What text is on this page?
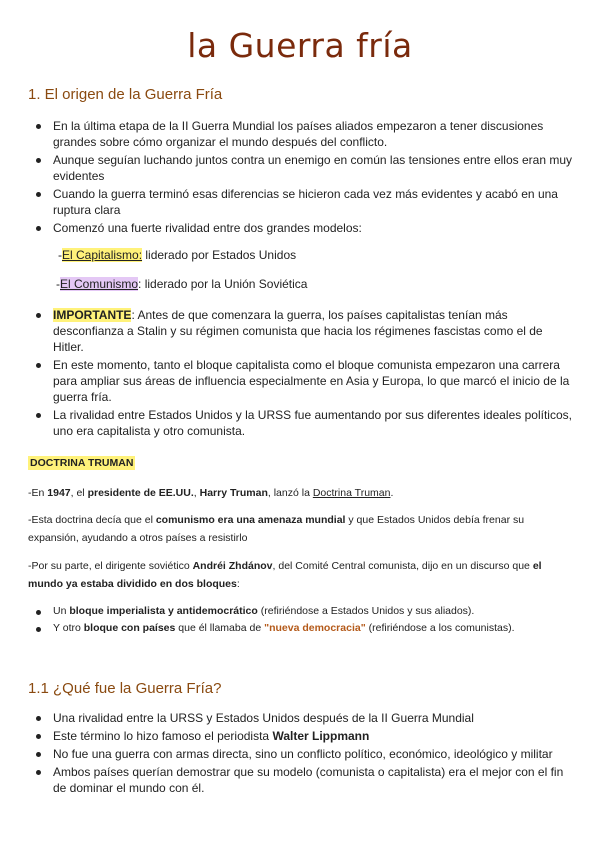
la Guerra fría
1. El origen de la Guerra Fría
En la última etapa de la II Guerra Mundial los países aliados empezaron a tener discusiones grandes sobre cómo organizar el mundo después del conflicto.
Aunque seguían luchando juntos contra un enemigo en común las tensiones entre ellos eran muy evidentes
Cuando la guerra terminó esas diferencias se hicieron cada vez más evidentes y acabó en una ruptura clara
Comenzó una fuerte rivalidad entre dos grandes modelos:
-El Capitalismo: liderado por Estados Unidos
-El Comunismo: liderado por la Unión Soviética
IMPORTANTE: Antes de que comenzara la guerra, los países capitalistas tenían más desconfianza a Stalin y su régimen comunista que hacia los régimenes fascistas como el de Hitler.
En este momento, tanto el bloque capitalista como el bloque comunista empezaron una carrera para ampliar sus áreas de influencia especialmente en Asia y Europa, lo que marcó el inicio de la guerra fría.
La rivalidad entre Estados Unidos y la URSS fue aumentando por sus diferentes ideales políticos, uno era capitalista y otro comunista.
DOCTRINA TRUMAN
-En 1947, el presidente de EE.UU., Harry Truman, lanzó la Doctrina Truman.
-Esta doctrina decía que el comunismo era una amenaza mundial y que Estados Unidos debía frenar su expansión, ayudando a otros países a resistirlo
-Por su parte, el dirigente soviético Andréi Zhdánov, del Comité Central comunista, dijo en un discurso que el mundo ya estaba dividido en dos bloques:
Un bloque imperialista y antidemocrático (refiriéndose a Estados Unidos y sus aliados).
Y otro bloque con países que él llamaba de "nueva democracia" (refiriéndose a los comunistas).
1.1 ¿Qué fue la Guerra Fría?
Una rivalidad entre la URSS y Estados Unidos después de la II Guerra Mundial
Este término lo hizo famoso el periodista Walter Lippmann
No fue una guerra con armas directa, sino un conflicto político, económico, ideológico y militar
Ambos países querían demostrar que su modelo (comunista o capitalista) era el mejor con el fin de dominar el mundo con él.
